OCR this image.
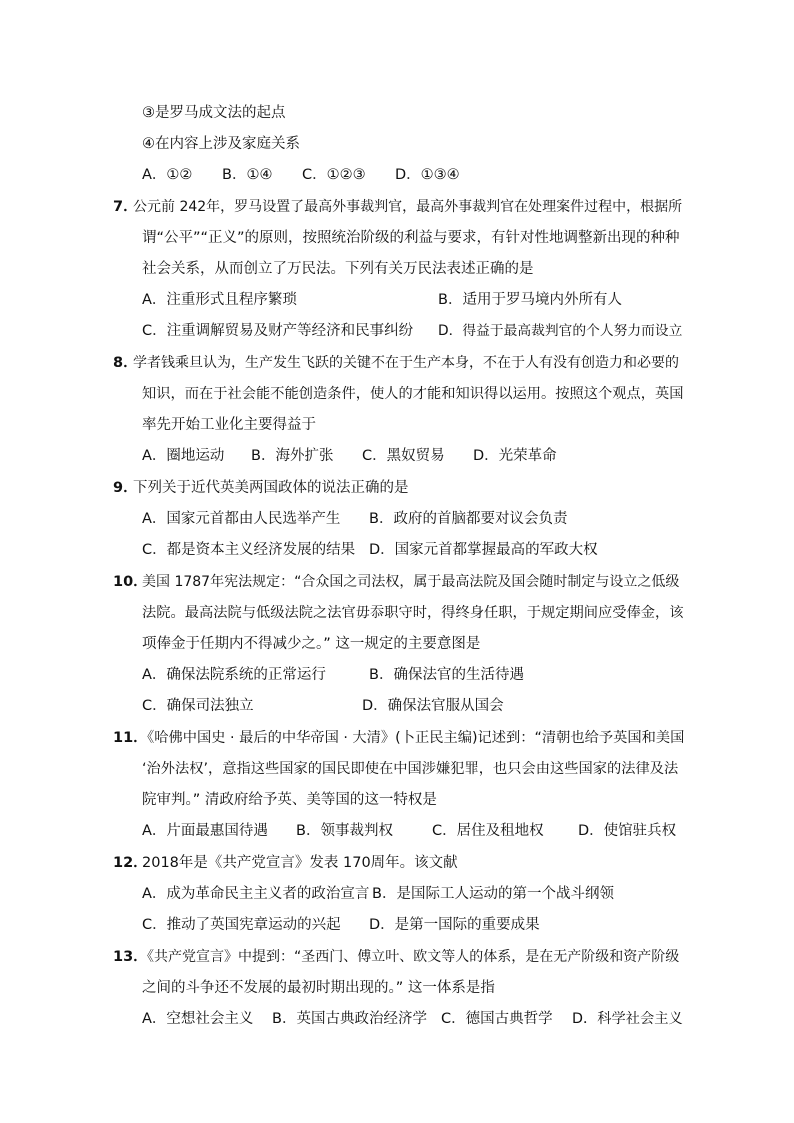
③是罗马成文法的起点
④在内容上涉及家庭关系
A．①② B．①④ C．①②③ D．①③④
7．
公元前 242年，罗马设置了最高外事裁判官，最高外事裁判官在处理案件过程中，根据所
谓“公平”“正义”的原则，按照统治阶级的利益与要求，有针对性地调整新出现的种种
社会关系，从而创立了万民法。下列有关万民法表述正确的是
A．注重形式且程序繁琐	B．适用于罗马境内外所有人
C．注重调解贸易及财产等经济和民事纠纷 D．得益于最高裁判官的个人努力而设立
8．
学者钱乘旦认为，生产发生飞跃的关键不在于生产本身，不在于人有没有创造力和必要的
知识，而在于社会能不能创造条件，使人的才能和知识得以运用。按照这个观点，英国
率先开始工业化主要得益于
A．圈地运动 B．海外扩张 C．黑奴贸易 D．光荣革命
9．
下列关于近代英美两国政体的说法正确的是
A．国家元首都由人民选举产生 B．政府的首脑都要对议会负责
C．都是资本主义经济发展的结果 D．国家元首都掌握最高的军政大权
10．
美国 1787年宪法规定：“合众国之司法权，属于最高法院及国会随时制定与设立之低级
法院。最高法院与低级法院之法官毋忝职守时，得终身任职，于规定期间应受俸金，该
项俸金于任期内不得减少之。” 这一规定的主要意图是
A．确保法院系统的正常运行	B．确保法官的生活待遇
C．确保司法独立	D．确保法官服从国会
11．
《哈佛中国史 · 最后的中华帝国 · 大清》(卜正民主编)记述到：“清朝也给予英国和美国
‘治外法权’，意指这些国家的国民即使在中国涉嫌犯罪，也只会由这些国家的法律及法
院审判。” 清政府给予英、美等国的这一特权是
A．片面最惠国待遇 B．领事裁判权	C．居住及租地权 D．使馆驻兵权
12．
2018年是《共产党宣言》发表 170周年。该文献
A．成为革命民主主义者的政治宣言 B．是国际工人运动的第一个战斗纲领
C．推动了英国宪章运动的兴起 D．是第一国际的重要成果
13．
《共产党宣言》中提到：“圣西门、傅立叶、欧文等人的体系，是在无产阶级和资产阶级
之间的斗争还不发展的最初时期出现的。” 这一体系是指
A．空想社会主义 B．英国古典政治经济学 C．德国古典哲学 D．科学社会主义
